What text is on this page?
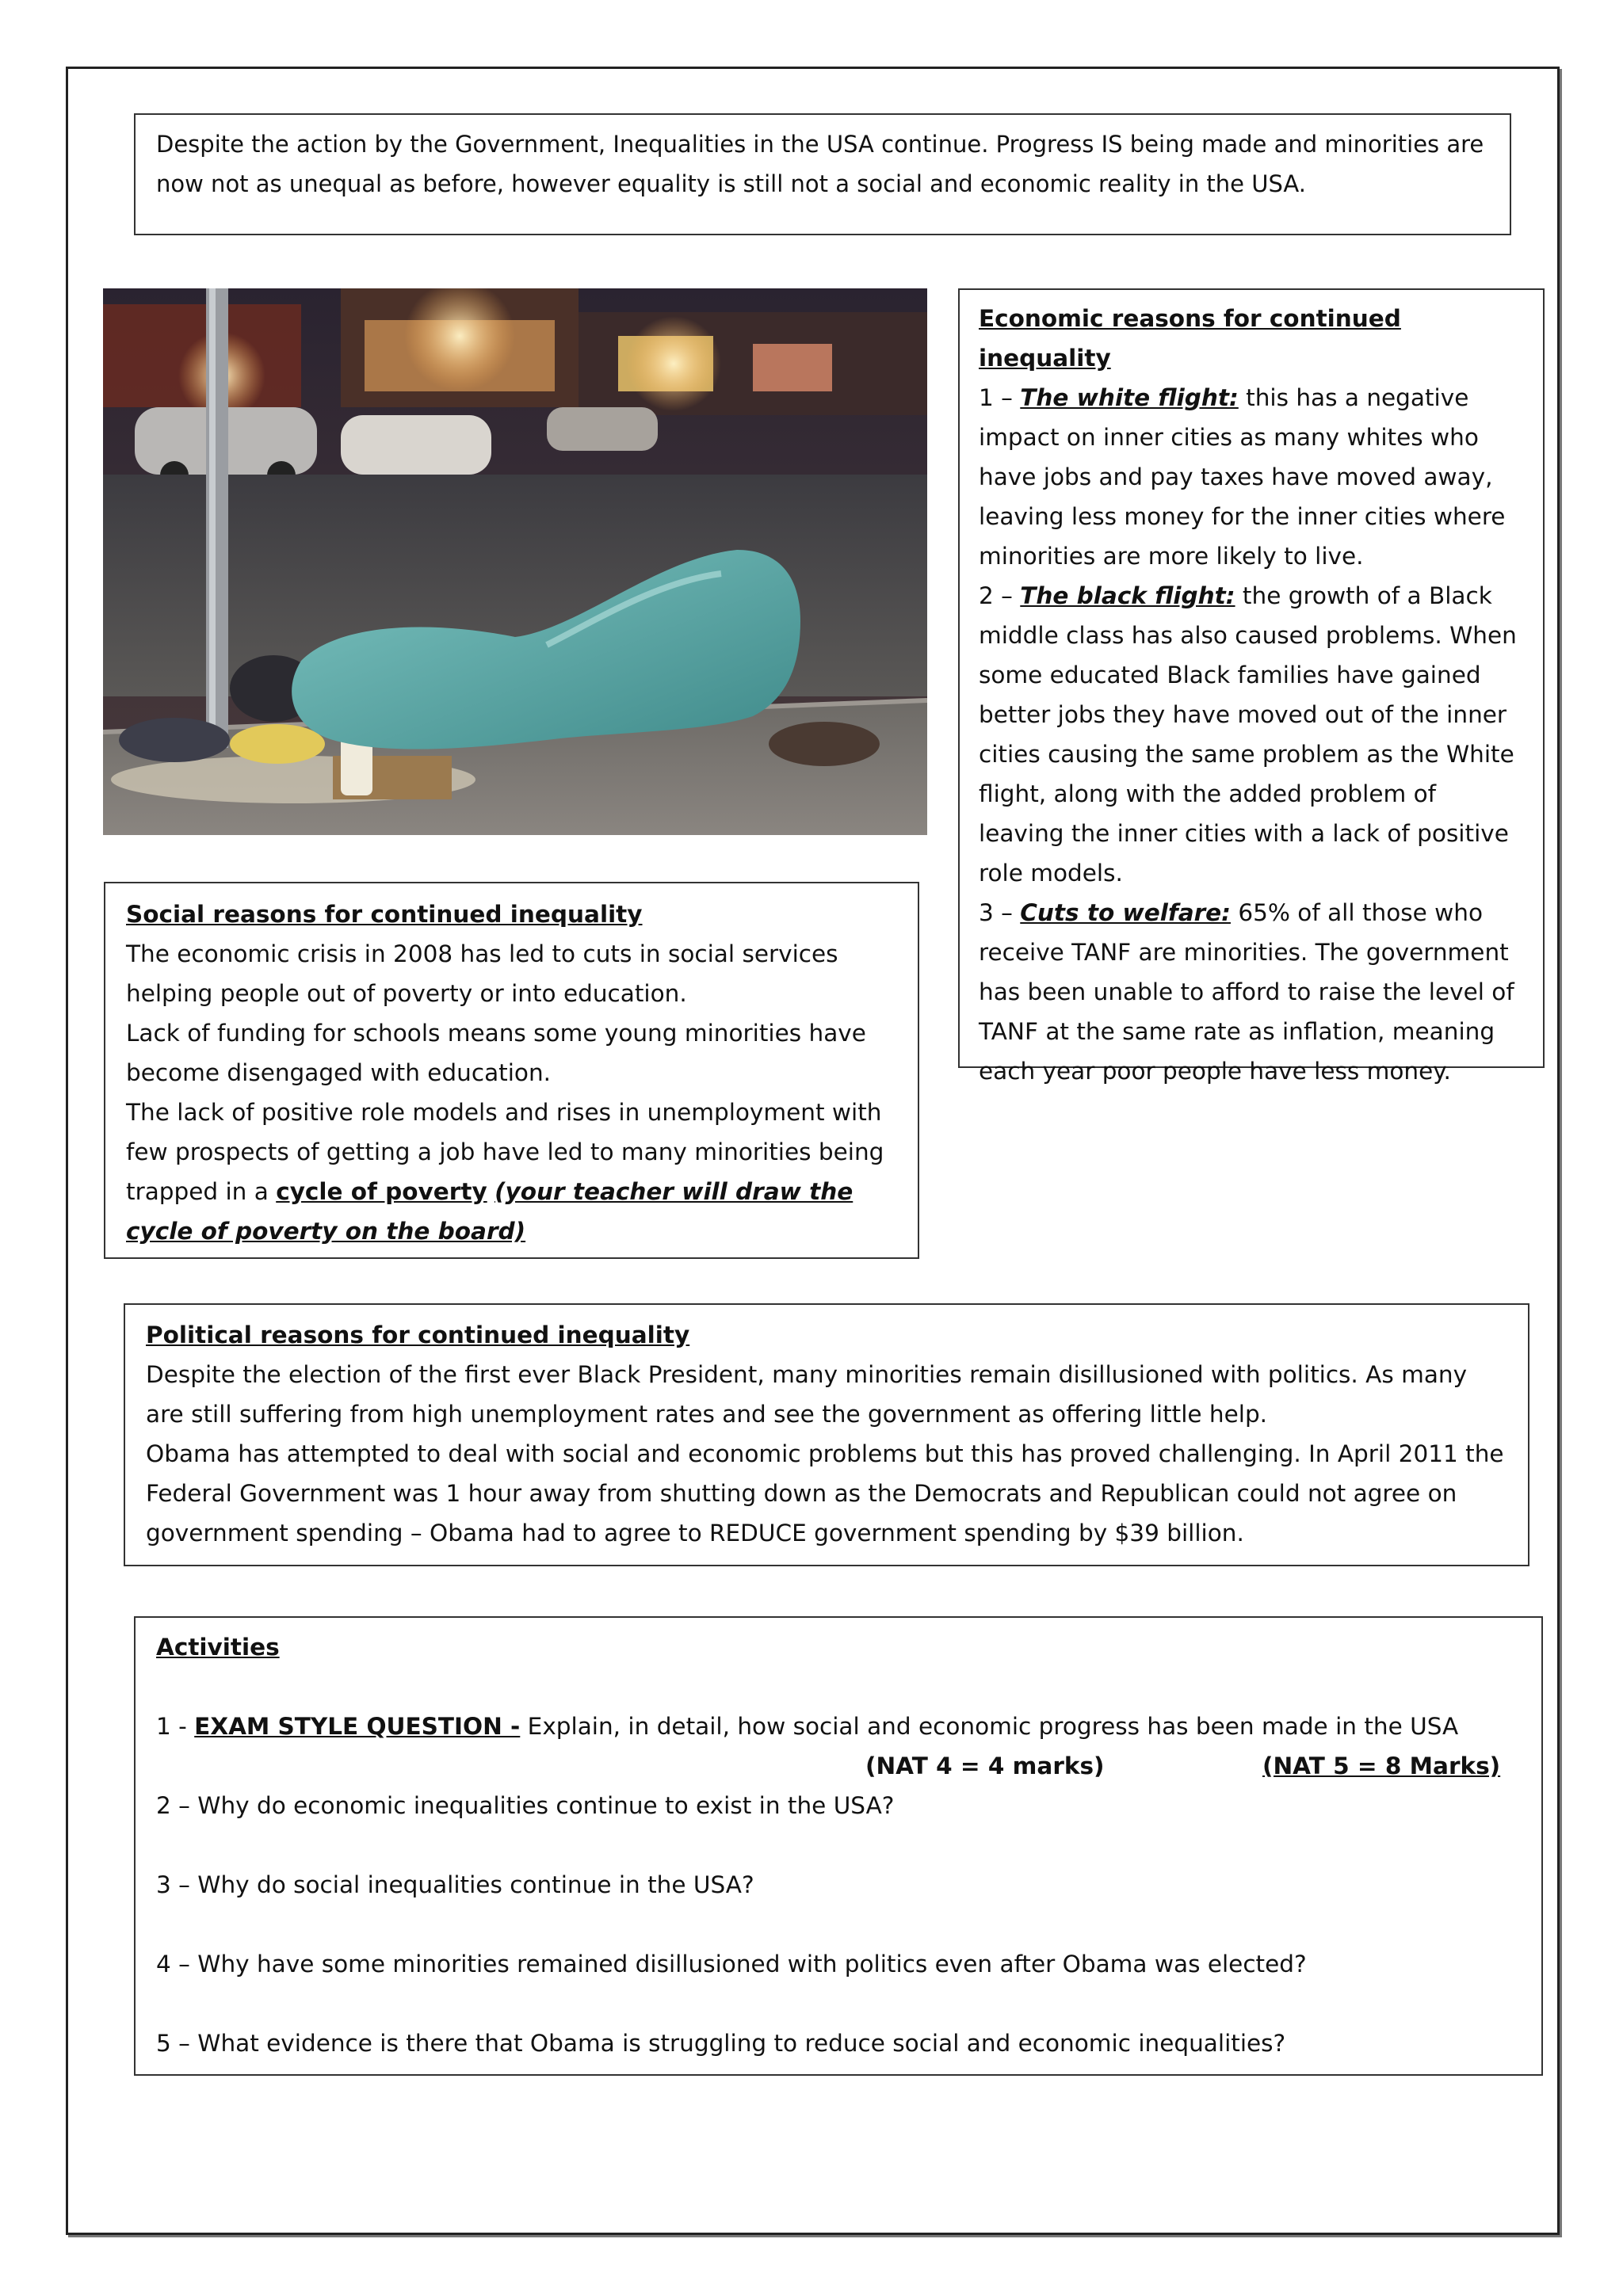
Despite the action by the Government, Inequalities in the USA continue. Progress IS being made and minorities are now not as unequal as before, however equality is still not a social and economic reality in the USA.

Economic reasons for continued inequality

1 – The white flight: this has a negative impact on inner cities as many whites who have jobs and pay taxes have moved away, leaving less money for the inner cities where minorities are more likely to live.

2 – The black flight: the growth of a Black middle class has also caused problems. When some educated Black families have gained better jobs they have moved out of the inner cities causing the same problem as the White flight, along with the added problem of leaving the inner cities with a lack of positive role models.

3 – Cuts to welfare: 65% of all those who receive TANF are minorities. The government has been unable to afford to raise the level of TANF at the same rate as inflation, meaning each year poor people have less money.

Social reasons for continued inequality

The economic crisis in 2008 has led to cuts in social services helping people out of poverty or into education.

Lack of funding for schools means some young minorities have become disengaged with education.

The lack of positive role models and rises in unemployment with few prospects of getting a job have led to many minorities being trapped in a cycle of poverty (your teacher will draw the cycle of poverty on the board)

Political reasons for continued inequality

Despite the election of the first ever Black President, many minorities remain disillusioned with politics. As many are still suffering from high unemployment rates and see the government as offering little help.

Obama has attempted to deal with social and economic problems but this has proved challenging. In April 2011 the Federal Government was 1 hour away from shutting down as the Democrats and Republican could not agree on government spending – Obama had to agree to REDUCE government spending by $39 billion.

Activities

1 - EXAM STYLE QUESTION - Explain, in detail, how social and economic progress has been made in the USA

(NAT 4 = 4 marks)	(NAT 5 = 8 Marks)

2 – Why do economic inequalities continue to exist in the USA?

3 – Why do social inequalities continue in the USA?

4 – Why have some minorities remained disillusioned with politics even after Obama was elected?

5 – What evidence is there that Obama is struggling to reduce social and economic inequalities?
